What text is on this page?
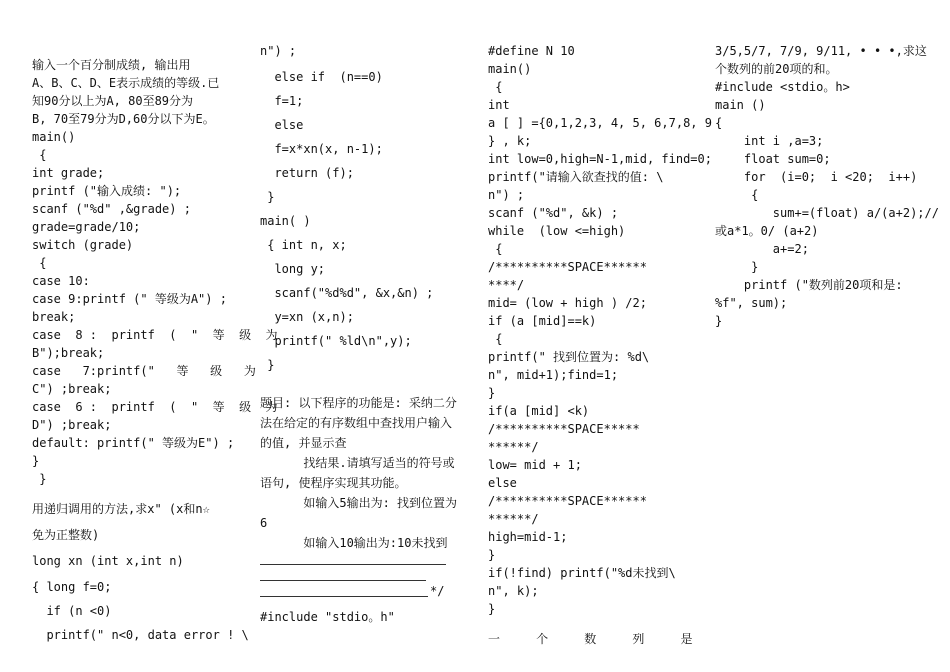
输入一个百分制成绩, 输出用
A、B、C、D、E表示成绩的等级.已
知90分以上为A, 80至89分为
B, 70至79分为D,60分以下为E。
main()
{
int grade;
printf ("输入成绩: ");
scanf ("%d" ,&grade) ;
grade=grade/10;
switch (grade)
{
case 10:
case 9:printf (" 等级为A") ;
break;
case  8 :  printf  (  "  等  级  为
B");break;
case   7:printf("   等   级   为
C") ;break;
case  6 :  printf  (  "  等  级  为
D") ;break;
default: printf(" 等级为E") ;
}
}
用递归调用的方法,求x" (x和n☆
免为正整数)
long xn (int x,int n)
{ long f=0;
if (n <0)
printf(" n<0, data error ! \
n") ;
else if  (n==0)
f=1;
else
f=x*xn(x, n-1);
return (f);
}
main( )
{ int n, x;
long y;
scanf("%d%d", &x,&n) ;
y=xn (x,n);
printf(" %ld\n",y);
}
题目: 以下程序的功能是: 采纳二分
法在给定的有序数组中查找用户输入
的值, 并显示查
找结果.请填写适当的符号或
语句, 使程序实现其功能。
如输入5输出为: 找到位置为
6
如输入10输出为:10未找到
*/
#include "stdio。h"
#define N 10
main()
{
int
a [ ] ={0,1,2,3, 4, 5, 6,7,8, 9
} , k;
int low=0,high=N-1,mid, find=0;
printf("请输入欲查找的值: \
n") ;
scanf ("%d", &k) ;
while  (low <=high)
{
/**********SPACE******
****/
mid= (low + high ) /2;
if (a [mid]==k)
{
printf(" 找到位置为: %d\
n", mid+1);find=1;
}
if(a [mid] <k)
/**********SPACE*****
******/
low= mid + 1;
else
/**********SPACE******
******/
high=mid-1;
}
if(!find) printf("%d未找到\
n", k);
}
一     个     数     列     是
3/5,5/7, 7/9, 9/11, • • •,求这
个数列的前20项的和。
#include <stdio。h>
main ()
{
int i ,a=3;
float sum=0;
for  (i=0;  i <20;  i++)
{
sum+=(float) a/(a+2);//
或a*1。0/ (a+2)
a+=2;
}
printf ("数列前20项和是:
%f", sum);
}
